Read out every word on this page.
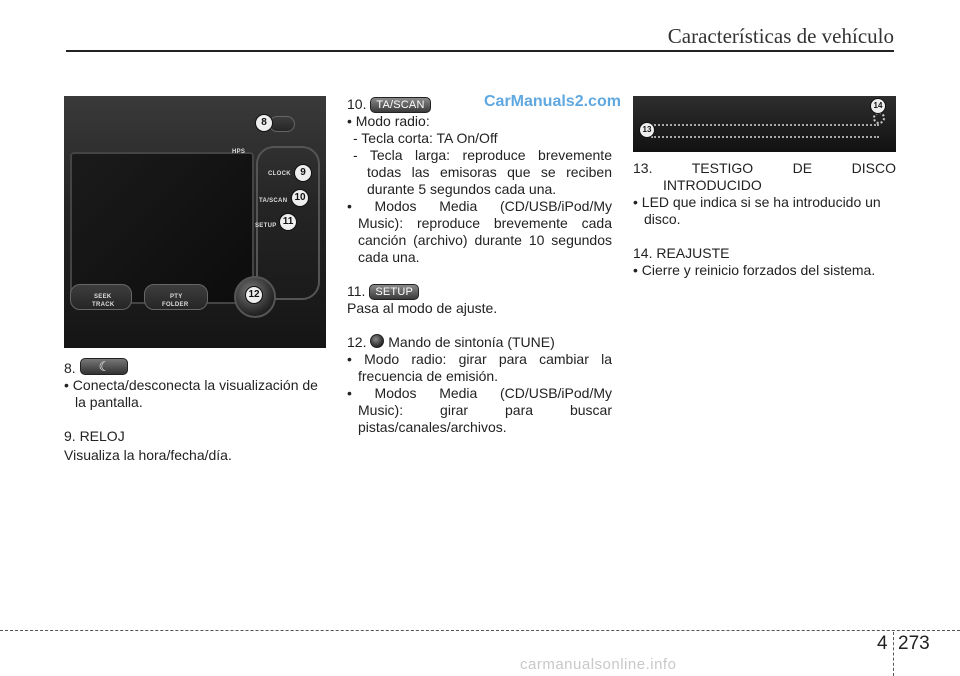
Características de vehículo
CarManuals2.com
HPS
CLOCK
TA/SCAN
SETUP
SEEK
TRACK
PTY
FOLDER
8
9
10
11
12

8. ☾

• Conecta/desconecta la visualización de

la pantalla.

9. RELOJ

Visualiza la hora/fecha/día.

10. TA/SCAN

• Modo radio:

- Tecla corta: TA On/Off

- Tecla larga: reproduce brevemente

todas las emisoras que se reciben

durante 5 segundos cada una.

• Modos Media (CD/USB/iPod/My

Music): reproduce brevemente cada

canción (archivo) durante 10 segundos

cada una.

11. SETUP

Pasa al modo de ajuste.

12. Mando de sintonía (TUNE)

• Modo radio: girar para cambiar la

frecuencia de emisión.

• Modos Media (CD/USB/iPod/My

Music): girar para buscar

pistas/canales/archivos.

14
13

13. TESTIGO DE DISCO

INTRODUCIDO

• LED que indica si se ha introducido un

disco.

14. REAJUSTE

• Cierre y reinicio forzados del sistema.

4 273
carmanualsonline.info
